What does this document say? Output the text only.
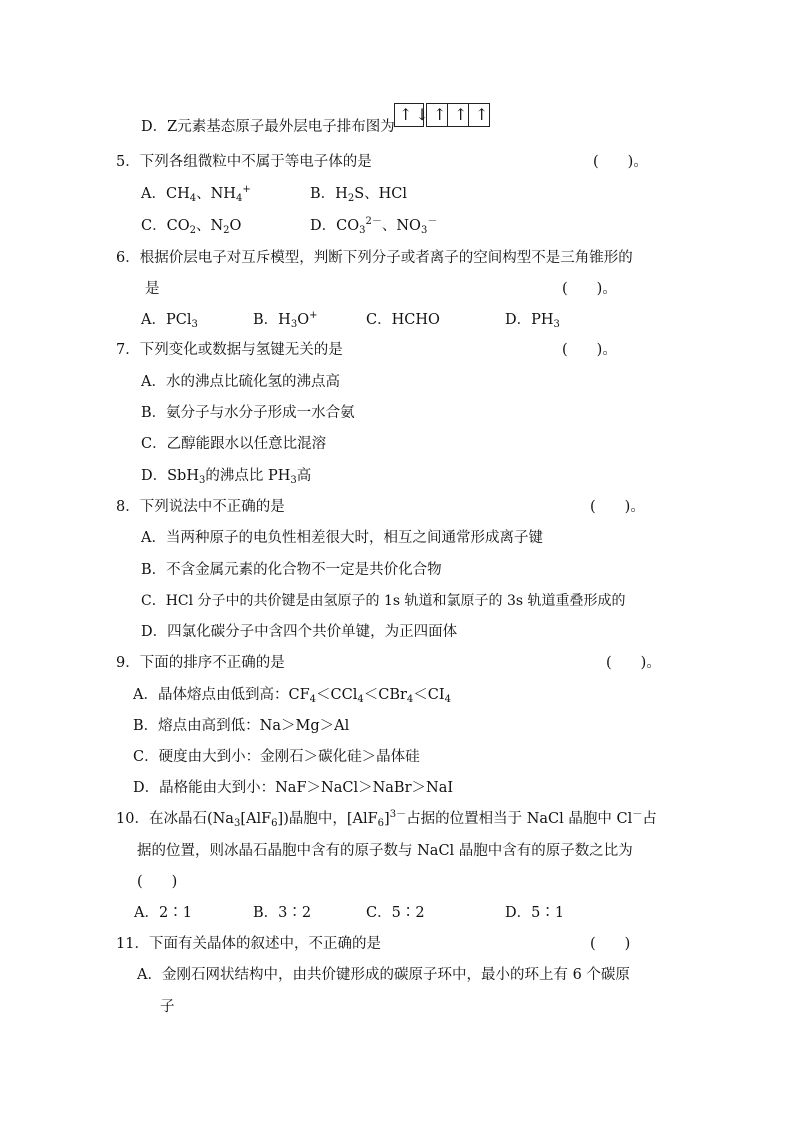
D．Z元素基态原子最外层电子排布图为
↑↓ ↑ ↑ ↑
5．下列各组微粒中不属于等电子体的是	(　　)。
A．$CH_4$、$NH_4^+$	B．$H_2S$、HCl
C．$CO_2$、$N_2O$	D．$CO_3^{2-}$、$NO_3^-$
6．根据价层电子对互斥模型，判断下列分子或者离子的空间构型不是三角锥形的
是	(　　)。
A．PCl$_3$	B．$H_3O^+$	C．HCHO	D．$PH_3$
7．下列变化或数据与氢键无关的是	(　　)。
A．水的沸点比硫化氢的沸点高
B．氨分子与水分子形成一水合氨
C．乙醇能跟水以任意比混溶
D．SbH$_3$的沸点比 $PH_3$高
8．下列说法中不正确的是	(　　)。
A．当两种原子的电负性相差很大时，相互之间通常形成离子键
B．不含金属元素的化合物不一定是共价化合物
C．HCl 分子中的共价键是由氢原子的 1s 轨道和氯原子的 3s 轨道重叠形成的
D．四氯化碳分子中含四个共价单键，为正四面体
9．下面的排序不正确的是	(　　)。
A．晶体熔点由低到高：$CF_4<CCl_4<CBr_4<CI_4$
B．熔点由高到低：Na＞Mg＞Al
C．硬度由大到小：金刚石＞碳化硅＞晶体硅
D．晶格能由大到小：NaF＞NaCl＞NaBr＞NaI
10．在冰晶石$(Na_3[AlF_6])$晶胞中，$[AlF_6]^{3-}$占据的位置相当于 NaCl 晶胞中 Cl－占
据的位置，则冰晶石晶胞中含有的原子数与 NaCl 晶胞中含有的原子数之比为
(　　)
A．2∶1	B．3∶2	C．5∶2	D．5∶1
11．下面有关晶体的叙述中，不正确的是	(　　)
A．金刚石网状结构中，由共价键形成的碳原子环中，最小的环上有 6 个碳原
子
